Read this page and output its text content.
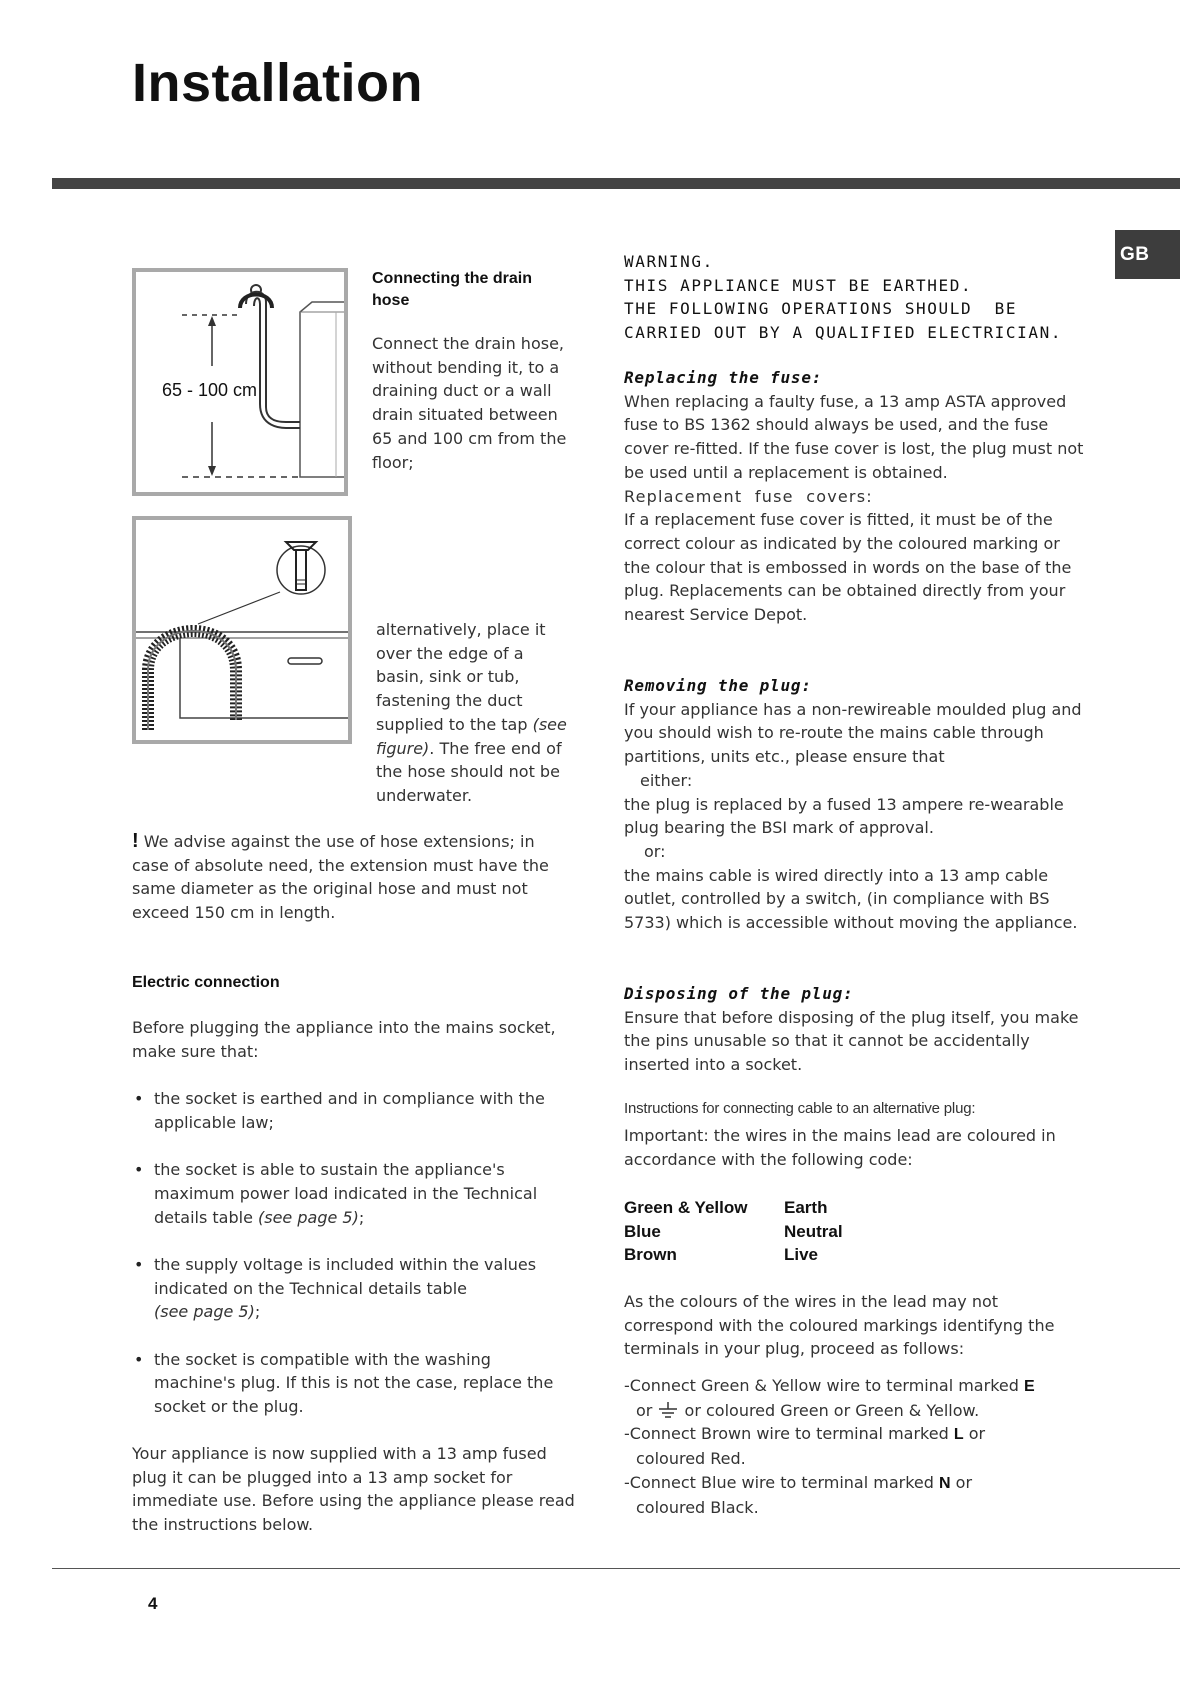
Installation
GB
65 - 100 cm
Connecting the drain hose
Connect the drain hose, without bending it, to a draining duct or a wall drain situated between 65 and 100 cm from the floor;
alternatively, place it over the edge of a basin, sink or tub, fastening the duct supplied to the tap (see figure). The free end of the hose should not be underwater.
! We advise against the use of hose extensions; in case of absolute need, the extension must have the same diameter as the original hose and must not exceed 150 cm in length.
Electric connection
Before plugging the appliance into the mains socket, make sure that:
• the socket is earthed and in compliance with the applicable law;
• the socket is able to sustain the appliance's maximum power load indicated in the Technical details table (see page 5);
• the supply voltage is included within the values indicated on the Technical details table
(see page 5);
• the socket is compatible with the washing machine's plug. If this is not the case, replace the socket or the plug.
Your appliance is now supplied with a 13 amp fused plug it can be plugged into a 13 amp socket for immediate use. Before using the appliance please read the instructions below.
WARNING.
THIS APPLIANCE MUST BE EARTHED.
THE FOLLOWING OPERATIONS SHOULD  BE
CARRIED OUT BY A QUALIFIED ELECTRICIAN.
Replacing the fuse:
When replacing a faulty fuse, a 13 amp ASTA approved fuse to BS 1362 should always be used, and the fuse cover re-fitted. If the fuse cover is lost, the plug must not be used until a replacement is obtained.
Replacement  fuse  covers:
If a replacement fuse cover is fitted, it must be of the correct colour as indicated by the coloured marking or the colour that is embossed in words on the base of the plug. Replacements can be obtained directly from your nearest Service Depot.
Removing the plug:
If your appliance has a non-rewireable moulded plug and you should wish to re-route the mains cable through partitions, units etc., please ensure that
either:
the plug is replaced by a fused 13 ampere re-wearable plug bearing the BSI mark of approval.
or:
the mains cable is wired directly into a 13 amp cable outlet, controlled by a switch, (in compliance with BS 5733) which is accessible without moving the appliance.
Disposing of the plug:
Ensure that before disposing of the plug itself, you make the pins unusable so that it cannot be accidentally inserted into a socket.
Instructions for connecting cable to an alternative plug:
Important: the wires in the mains lead are coloured in accordance with the following code:
Green & Yellow	Earth
Blue	Neutral
Brown	Live
As the colours of the wires in the lead may not correspond with the coloured markings identifyng the terminals in your plug, proceed as follows:
-Connect Green & Yellow wire to terminal marked E
or  or coloured Green or Green & Yellow.
-Connect Brown wire to terminal marked L or
coloured Red.
-Connect Blue wire to terminal marked N or
coloured Black.
4
